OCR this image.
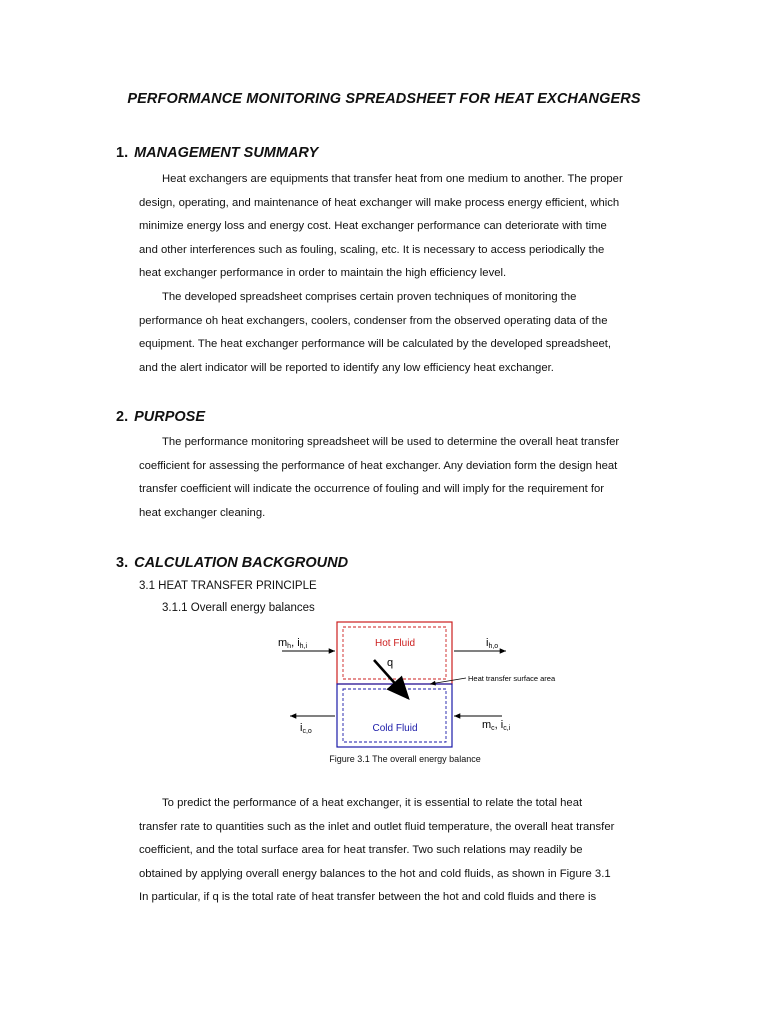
PERFORMANCE MONITORING SPREADSHEET FOR HEAT EXCHANGERS
1. MANAGEMENT SUMMARY
Heat exchangers are equipments that transfer heat from one medium to another. The proper
design, operating, and maintenance of heat exchanger will make process energy efficient, which
minimize energy loss and energy cost. Heat exchanger performance can deteriorate with time
and other interferences such as fouling, scaling, etc. It is necessary to access periodically the
heat exchanger performance in order to maintain the high efficiency level.
The developed spreadsheet comprises certain proven techniques of monitoring the
performance oh heat exchangers, coolers, condenser from the observed operating data of the
equipment. The heat exchanger performance will be calculated by the developed spreadsheet,
and the alert indicator will be reported to identify any low efficiency heat exchanger.
2. PURPOSE
The performance monitoring spreadsheet will be used to determine the overall heat transfer
coefficient for assessing the performance of heat exchanger. Any deviation form the design heat
transfer coefficient will indicate the occurrence of fouling and will imply for the requirement for
heat exchanger cleaning.
3. CALCULATION BACKGROUND
3.1 HEAT TRANSFER PRINCIPLE
3.1.1 Overall energy balances
Hot Fluid
Cold Fluid
q
mh, ih,i	ih,o
Heat transfer surface area
ic,o
mc, ic,i
Figure 3.1 The overall energy balance
To predict the performance of a heat exchanger, it is essential to relate the total heat
transfer rate to quantities such as the inlet and outlet fluid temperature, the overall heat transfer
coefficient, and the total surface area for heat transfer. Two such relations may readily be
obtained by applying overall energy balances to the hot and cold fluids, as shown in Figure 3.1
In particular, if q is the total rate of heat transfer between the hot and cold fluids and there is
